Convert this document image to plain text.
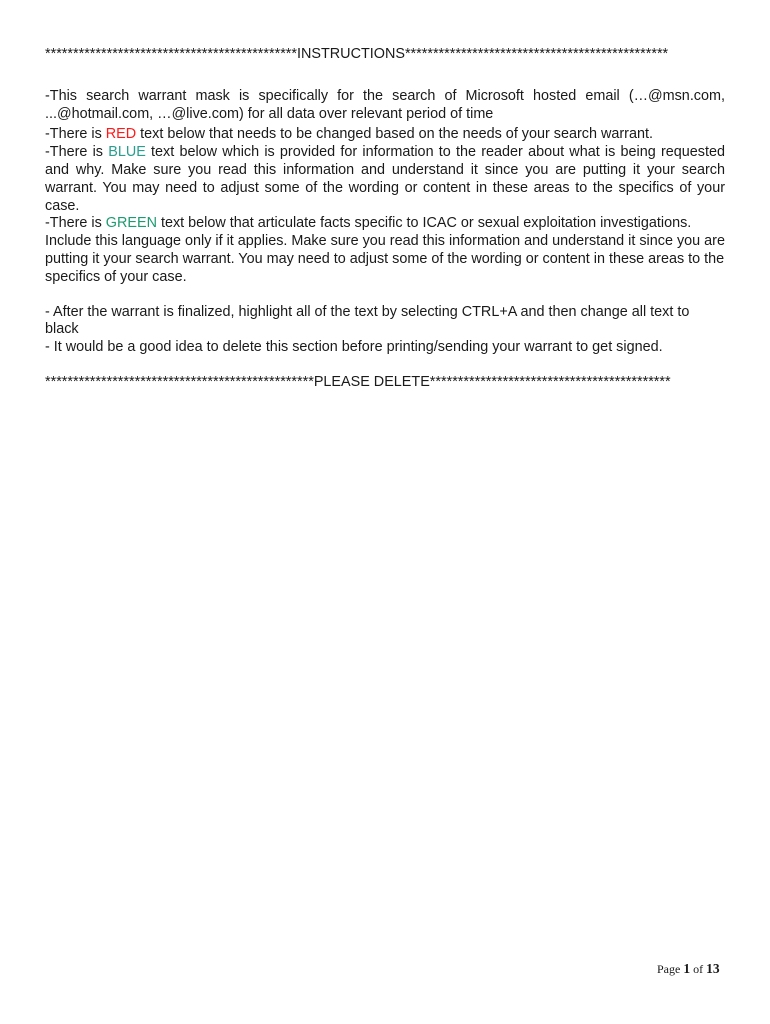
*********************************************INSTRUCTIONS***********************************************

-This search warrant mask is specifically for the search of Microsoft hosted email (…@msn.com, ...@hotmail.com, …@live.com) for all data over relevant period of time

-There is RED text below that needs to be changed based on the needs of your search warrant.

-There is BLUE text below which is provided for information to the reader about what is being requested and why. Make sure you read this information and understand it since you are putting it your search warrant. You may need to adjust some of the wording or content in these areas to the specifics of your case.

-There is GREEN text below that articulate facts specific to ICAC or sexual exploitation investigations. Include this language only if it applies. Make sure you read this information and understand it since you are putting it your search warrant. You may need to adjust some of the wording or content in these areas to the specifics of your case.

- After the warrant is finalized, highlight all of the text by selecting CTRL+A and then change all text to black

- It would be a good idea to delete this section before printing/sending your warrant to get signed.

************************************************PLEASE DELETE*******************************************

Page 1 of 13
